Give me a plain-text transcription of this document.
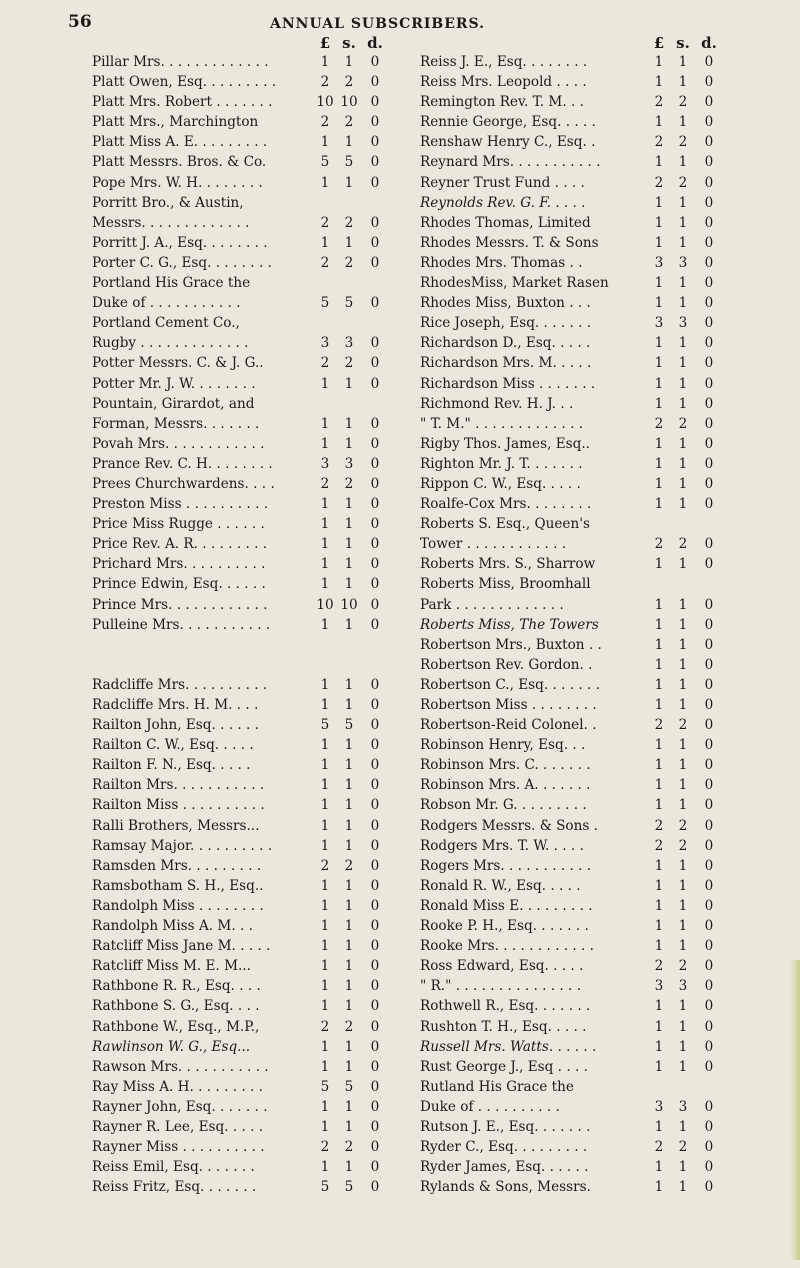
56	ANNUAL SUBSCRIBERS.
£ s. d.
Pillar Mrs. . . . . . . . . . . . .	1	1	0
Platt Owen, Esq. . . . . . . . .	2	2	0
Platt Mrs. Robert . . . . . . .	10 10 0
Platt Mrs., Marchington	2	2	0
Platt Miss A. E. . . . . . . . .	1	1	0
Platt Messrs. Bros. & Co.	5	5	0
Pope Mrs. W. H. . . . . . . .	1	1	0
Porritt Bro., & Austin,
Messrs. . . . . . . . . . . . .	2	2	0
Porritt J. A., Esq. . . . . . . .	1	1	0
Porter C. G., Esq. . . . . . . .	2	2	0
Portland His Grace the
Duke of . . . . . . . . . . .	5	5	0
Portland Cement Co.,
Rugby . . . . . . . . . . . . .	3	3	0
Potter Messrs. C. & J. G..	2	2	0
Potter Mr. J. W. . . . . . . .	1	1	0
Pountain, Girardot, and
Forman, Messrs. . . . . . .	1	1	0
Povah Mrs. . . . . . . . . . . .	1	1	0
Prance Rev. C. H. . . . . . . .	3	3	0
Prees Churchwardens. . . .	2	2	0
Preston Miss . . . . . . . . . .	1	1	0
Price Miss Rugge . . . . . .	1	1	0
Price Rev. A. R. . . . . . . . .	1	1	0
Prichard Mrs. . . . . . . . . .	1	1	0
Prince Edwin, Esq. . . . . .	1	1	0
Prince Mrs. . . . . . . . . . . .	10 10 0
Pulleine Mrs. . . . . . . . . . .	1	1	0
Radcliffe Mrs. . . . . . . . . .	1	1	0
Radcliffe Mrs. H. M. . . .	1	1	0
Railton John, Esq. . . . . .	5	5	0
Railton C. W., Esq. . . . .	1	1	0
Railton F. N., Esq. . . . .	1	1	0
Railton Mrs. . . . . . . . . . .	1	1	0
Railton Miss . . . . . . . . . .	1	1	0
Ralli Brothers, Messrs...	1	1	0
Ramsay Major. . . . . . . . . .	1	1	0
Ramsden Mrs. . . . . . . . .	2	2	0
Ramsbotham S. H., Esq..	1	1	0
Randolph Miss . . . . . . . .	1	1	0
Randolph Miss A. M. . .	1	1	0
Ratcliff Miss Jane M. . . . .	1	1	0
Ratcliff Miss M. E. M...	1	1	0
Rathbone R. R., Esq. . . .	1	1	0
Rathbone S. G., Esq. . . .	1	1	0
Rathbone W., Esq., M.P.,	2	2	0
Rawlinson W. G., Esq...	1	1	0
Rawson Mrs. . . . . . . . . . .	1	1	0
Ray Miss A. H. . . . . . . . .	5	5	0
Rayner John, Esq. . . . . . .	1	1	0
Rayner R. Lee, Esq. . . . .	1	1	0
Rayner Miss . . . . . . . . . .	2	2	0
Reiss Emil, Esq. . . . . . .	1	1	0
Reiss Fritz, Esq. . . . . . .	5	5	0
£ s. d.
Reiss J. E., Esq. . . . . . . .	1	1	0
Reiss Mrs. Leopold . . . .	1	1	0
Remington Rev. T. M. . .	2	2	0
Rennie George, Esq. . . . .	1	1	0
Renshaw Henry C., Esq. .	2	2	0
Reynard Mrs. . . . . . . . . . .	1	1	0
Reyner Trust Fund . . . .	2	2	0
Reynolds Rev. G. F. . . . .	1	1	0
Rhodes Thomas, Limited	1	1	0
Rhodes Messrs. T. & Sons	1	1	0
Rhodes Mrs. Thomas . .	3	3	0
RhodesMiss, Market Rasen	1	1	0
Rhodes Miss, Buxton . . .	1	1	0
Rice Joseph, Esq. . . . . . .	3	3	0
Richardson D., Esq. . . . .	1	1	0
Richardson Mrs. M. . . . .	1	1	0
Richardson Miss . . . . . . .	1	1	0
Richmond Rev. H. J. . .	1	1	0
" T. M." . . . . . . . . . . . . .	2	2	0
Rigby Thos. James, Esq..	1	1	0
Righton Mr. J. T. . . . . . .	1	1	0
Rippon C. W., Esq. . . . .	1	1	0
Roalfe-Cox Mrs. . . . . . . .	1	1	0
Roberts S. Esq., Queen's
Tower . . . . . . . . . . . .	2	2	0
Roberts Mrs. S., Sharrow	1	1	0
Roberts Miss, Broomhall
Park . . . . . . . . . . . . .	1	1	0
Roberts Miss, The Towers	1	1	0
Robertson Mrs., Buxton . .	1	1	0
Robertson Rev. Gordon. .	1	1	0
Robertson C., Esq. . . . . . .	1	1	0
Robertson Miss . . . . . . . .	1	1	0
Robertson-Reid Colonel. .	2	2	0
Robinson Henry, Esq. . .	1	1	0
Robinson Mrs. C. . . . . . .	1	1	0
Robinson Mrs. A. . . . . . .	1	1	0
Robson Mr. G. . . . . . . . .	1	1	0
Rodgers Messrs. & Sons .	2	2	0
Rodgers Mrs. T. W. . . . .	2	2	0
Rogers Mrs. . . . . . . . . . .	1	1	0
Ronald R. W., Esq. . . . .	1	1	0
Ronald Miss E. . . . . . . . .	1	1	0
Rooke P. H., Esq. . . . . . .	1	1	0
Rooke Mrs. . . . . . . . . . . .	1	1	0
Ross Edward, Esq. . . . .	2	2	0
" R." . . . . . . . . . . . . . . .	3	3	0
Rothwell R., Esq. . . . . . .	1	1	0
Rushton T. H., Esq. . . . .	1	1	0
Russell Mrs. Watts. . . . . .	1	1	0
Rust George J., Esq . . . .	1	1	0
Rutland His Grace the
Duke of . . . . . . . . . .	3	3	0
Rutson J. E., Esq. . . . . . .	1	1	0
Ryder C., Esq. . . . . . . . .	2	2	0
Ryder James, Esq. . . . . .	1	1	0
Rylands & Sons, Messrs.	1	1	0
